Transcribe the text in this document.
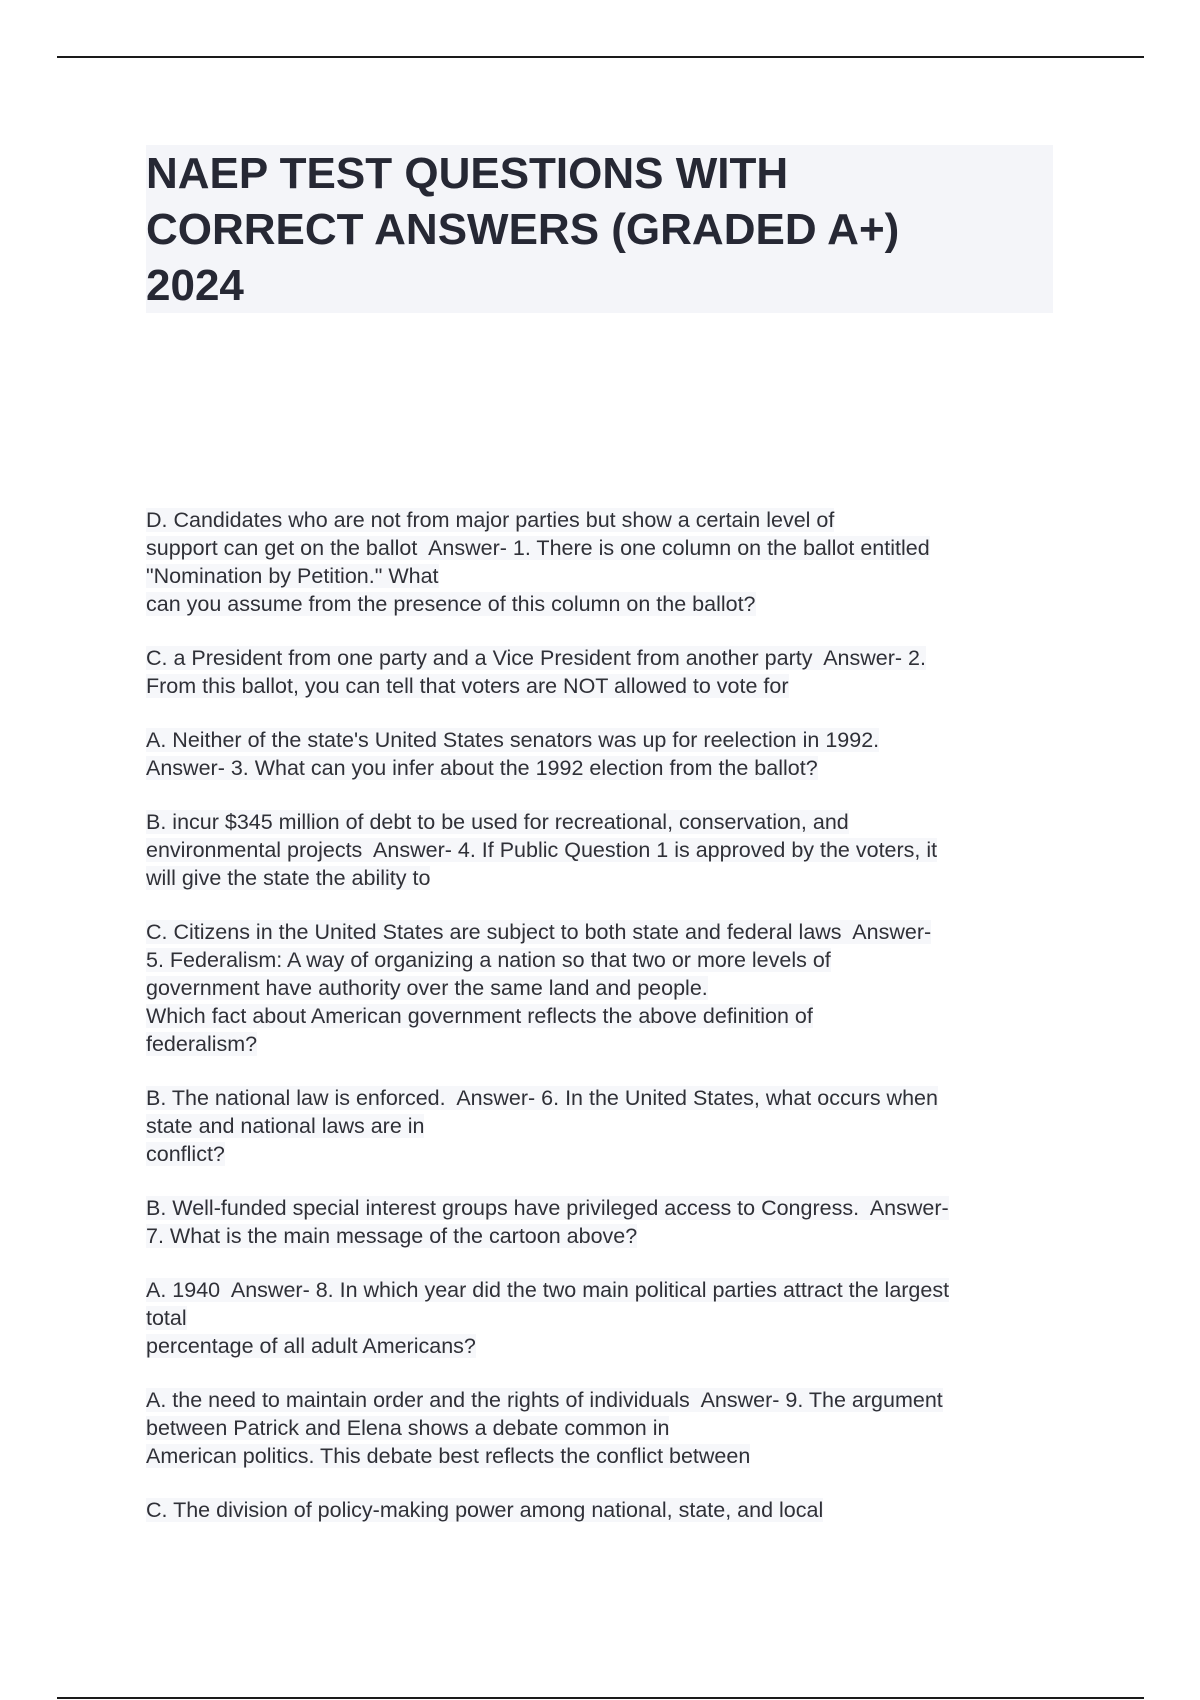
NAEP TEST QUESTIONS WITH
CORRECT ANSWERS (GRADED A+)
2024
D. Candidates who are not from major parties but show a certain level of
support can get on the ballot  Answer- 1. There is one column on the ballot entitled
"Nomination by Petition." What
can you assume from the presence of this column on the ballot?
C. a President from one party and a Vice President from another party  Answer- 2.
From this ballot, you can tell that voters are NOT allowed to vote for
A. Neither of the state's United States senators was up for reelection in 1992.
Answer- 3. What can you infer about the 1992 election from the ballot?
B. incur $345 million of debt to be used for recreational, conservation, and
environmental projects  Answer- 4. If Public Question 1 is approved by the voters, it
will give the state the ability to
C. Citizens in the United States are subject to both state and federal laws  Answer-
5. Federalism: A way of organizing a nation so that two or more levels of
government have authority over the same land and people.
Which fact about American government reflects the above definition of
federalism?
B. The national law is enforced.  Answer- 6. In the United States, what occurs when
state and national laws are in
conflict?
B. Well-funded special interest groups have privileged access to Congress.  Answer-
7. What is the main message of the cartoon above?
A. 1940  Answer- 8. In which year did the two main political parties attract the largest
total
percentage of all adult Americans?
A. the need to maintain order and the rights of individuals  Answer- 9. The argument
between Patrick and Elena shows a debate common in
American politics. This debate best reflects the conflict between
C. The division of policy-making power among national, state, and local
